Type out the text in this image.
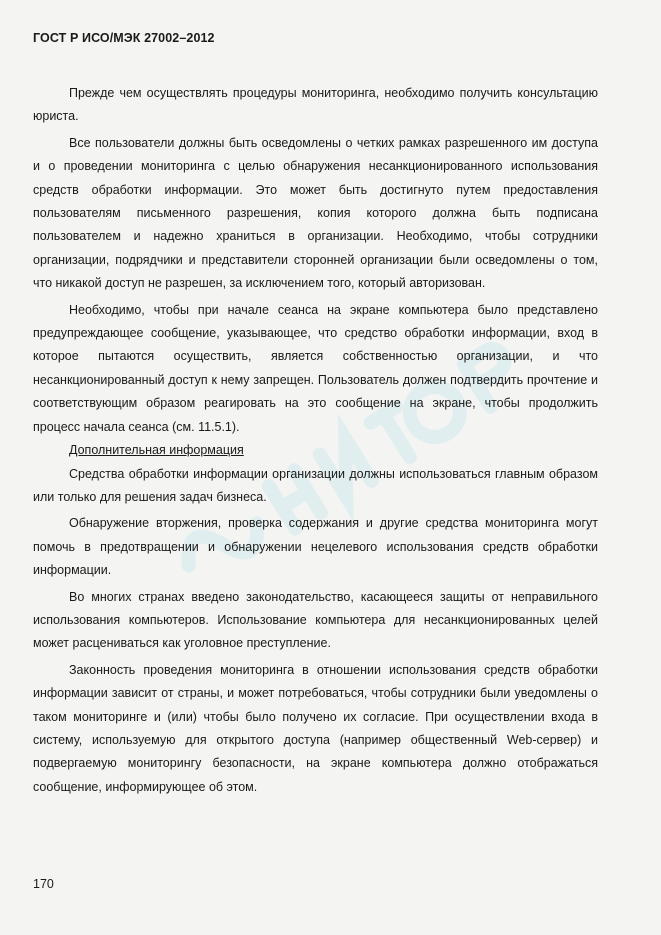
ГОСТ Р ИСО/МЭК 27002–2012

Прежде чем осуществлять процедуры мониторинга, необходимо получить консультацию юриста.

Все пользователи должны быть осведомлены о четких рамках разрешенного им доступа и о проведении мониторинга с целью обнаружения несанкционированного использования средств обработки информации. Это может быть достигнуто путем предоставления пользователям письменного разрешения, копия которого должна быть подписана пользователем и надежно храниться в организации. Необходимо, чтобы сотрудники организации, подрядчики и представители сторонней организации были осведомлены о том, что никакой доступ не разрешен, за исключением того, который авторизован.

Необходимо, чтобы при начале сеанса на экране компьютера было представлено предупреждающее сообщение, указывающее, что средство обработки информации, вход в которое пытаются осуществить, является собственностью организации, и что несанкционированный доступ к нему запрещен. Пользователь должен подтвердить прочтение и соответствующим образом реагировать на это сообщение на экране, чтобы продолжить процесс начала сеанса (см. 11.5.1).

Дополнительная информация

Средства обработки информации организации должны использоваться главным образом или только для решения задач бизнеса.

Обнаружение вторжения, проверка содержания и другие средства мониторинга могут помочь в предотвращении и обнаружении нецелевого использования средств обработки информации.

Во многих странах введено законодательство, касающееся защиты от неправильного использования компьютеров. Использование компьютера для несанкционированных целей может расцениваться как уголовное преступление.

Законность проведения мониторинга в отношении использования средств обработки информации зависит от страны, и может потребоваться, чтобы сотрудники были уведомлены о таком мониторинге и (или) чтобы было получено их согласие. При осуществлении входа в систему, используемую для открытого доступа (например общественный Web-сервер) и подвергаемую мониторингу безопасности, на экране компьютера должно отображаться сообщение, информирующее об этом.

170
